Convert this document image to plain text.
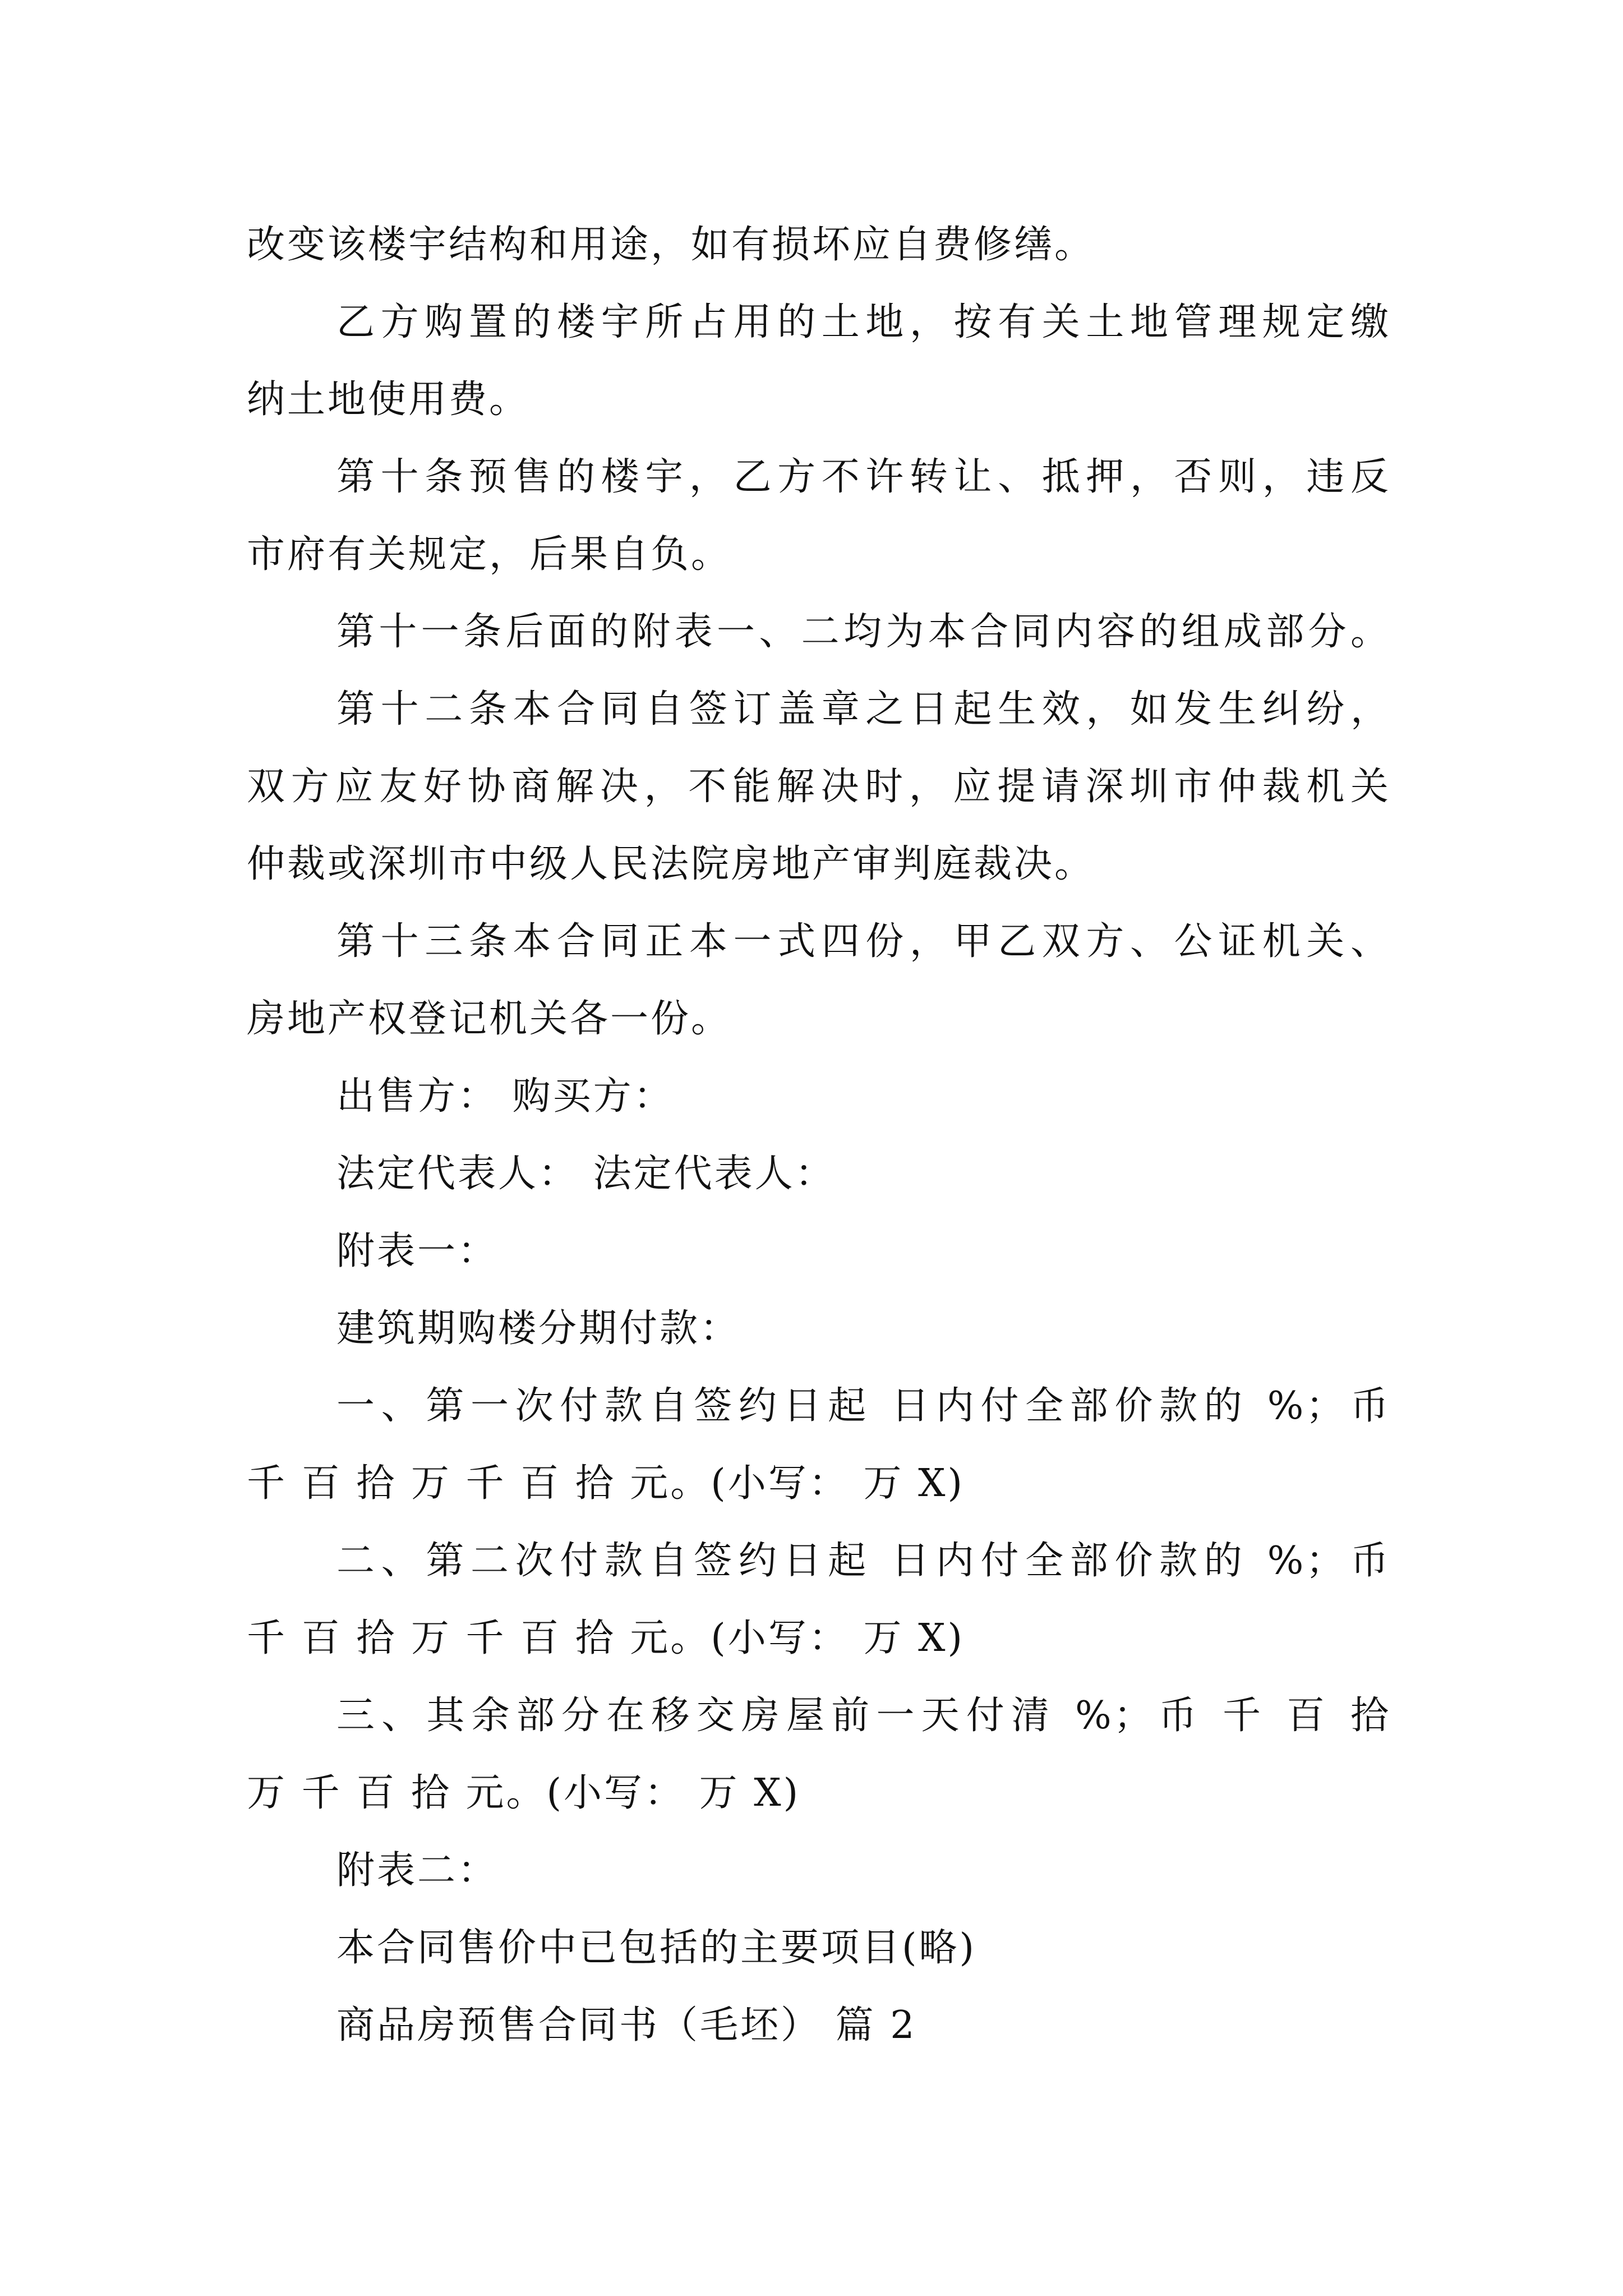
改变该楼宇结构和用途，如有损坏应自费修缮。
乙方购置的楼宇所占用的土地，按有关土地管理规定缴
纳土地使用费。
第十条预售的楼宇，乙方不许转让、抵押，否则，违反
市府有关规定，后果自负。
第十一条后面的附表一、二均为本合同内容的组成部分。
第十二条本合同自签订盖章之日起生效，如发生纠纷，
双方应友好协商解决，不能解决时，应提请深圳市仲裁机关
仲裁或深圳市中级人民法院房地产审判庭裁决。
第十三条本合同正本一式四份，甲乙双方、公证机关、
房地产权登记机关各一份。
出售方： 购买方：
法定代表人： 法定代表人：
附表一：
建筑期购楼分期付款：
一、第一次付款自签约日起 日内付全部价款的 %；币
千 百 拾 万 千 百 拾 元。(小写： 万 X)
二、第二次付款自签约日起 日内付全部价款的 %；币
千 百 拾 万 千 百 拾 元。(小写： 万 X)
三、其余部分在移交房屋前一天付清 %；币 千 百 拾
万 千 百 拾 元。(小写： 万 X)
附表二：
本合同售价中已包括的主要项目(略)
商品房预售合同书（毛坯） 篇 2
